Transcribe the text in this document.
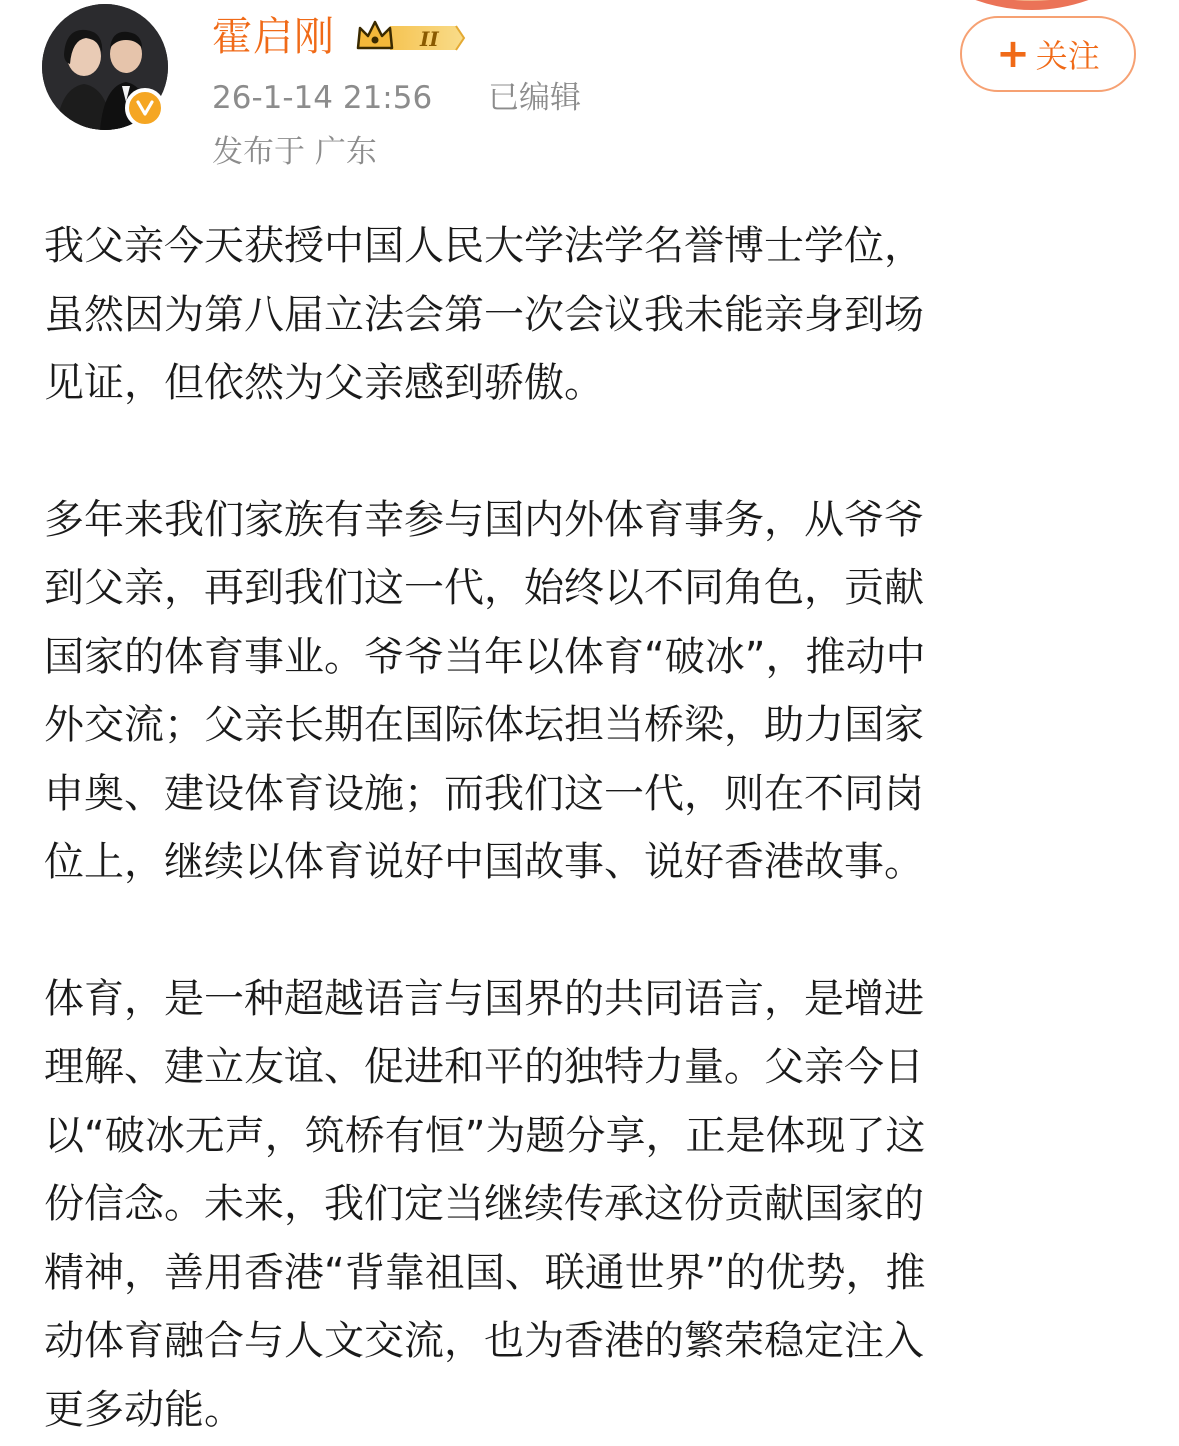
霍启刚	II
26-1-14 21:56 已编辑
发布于 广东
+ 关注

我父亲今天获授中国人民大学法学名誉博士学位，
虽然因为第八届立法会第一次会议我未能亲身到场
见证，但依然为父亲感到骄傲。

多年来我们家族有幸参与国内外体育事务，从爷爷
到父亲，再到我们这一代，始终以不同角色，贡献
国家的体育事业。爷爷当年以体育“破冰”，推动中
外交流；父亲长期在国际体坛担当桥梁，助力国家
申奥、建设体育设施；而我们这一代，则在不同岗
位上，继续以体育说好中国故事、说好香港故事。

体育，是一种超越语言与国界的共同语言，是增进
理解、建立友谊、促进和平的独特力量。父亲今日
以“破冰无声，筑桥有恒”为题分享，正是体现了这
份信念。未来，我们定当继续传承这份贡献国家的
精神，善用香港“背靠祖国、联通世界”的优势，推
动体育融合与人文交流，也为香港的繁荣稳定注入
更多动能。
